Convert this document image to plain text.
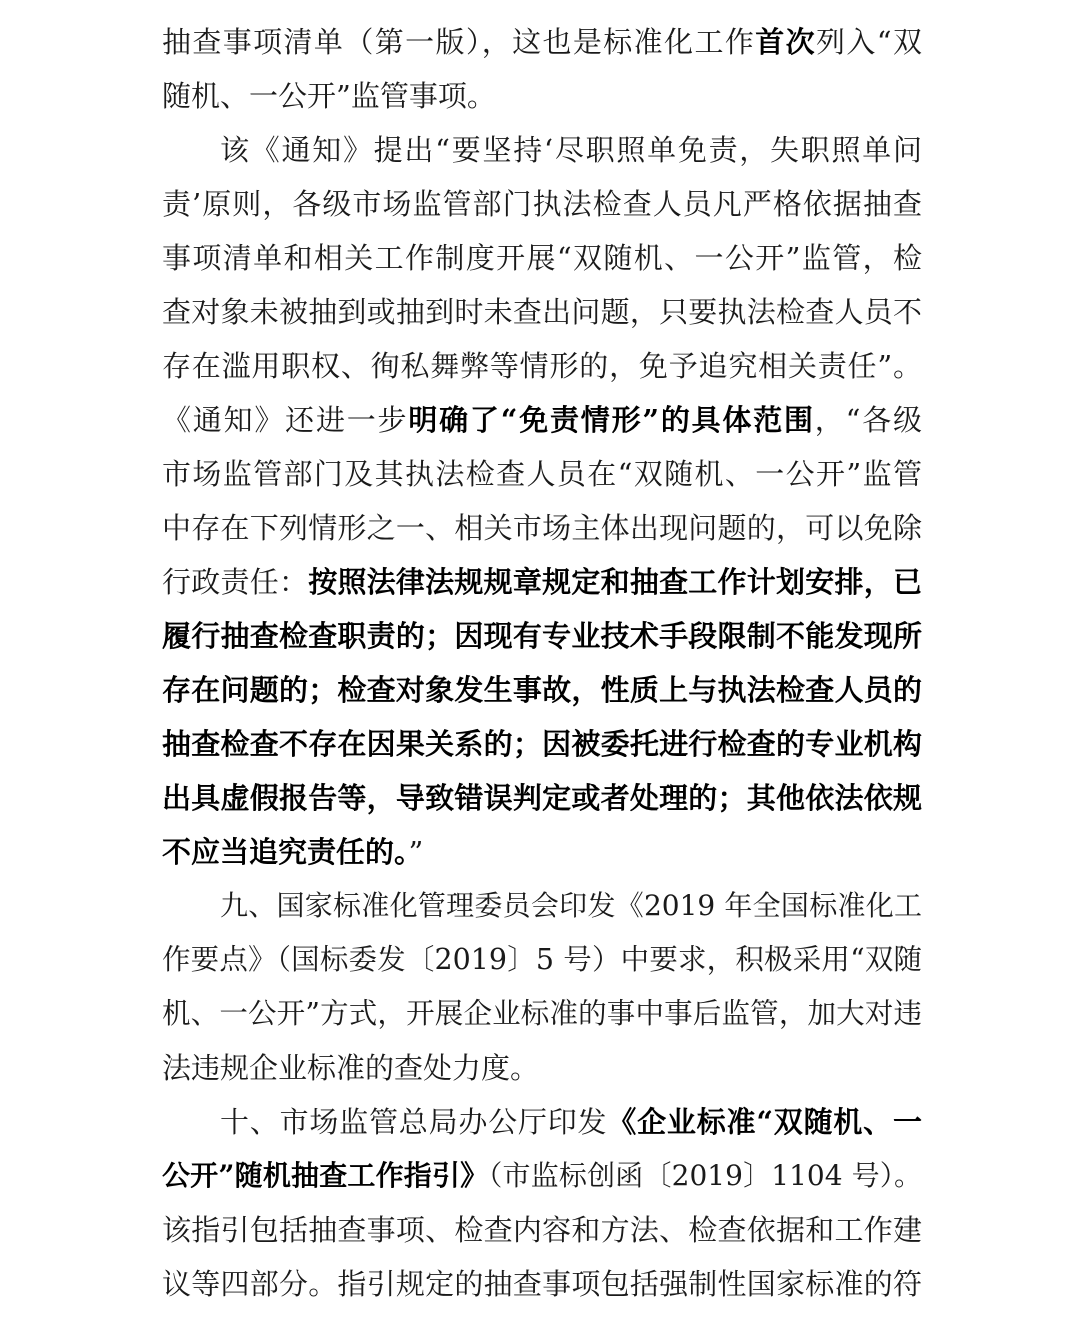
抽查事项清单（第一版），这也是标准化工作首次列入“双
随机、一公开”监管事项。
该《通知》提出“要坚持‘尽职照单免责，失职照单问
责’原则，各级市场监管部门执法检查人员凡严格依据抽查
事项清单和相关工作制度开展“双随机、一公开”监管，检
查对象未被抽到或抽到时未查出问题，只要执法检查人员不
存在滥用职权、徇私舞弊等情形的，免予追究相关责任”。
《通知》还进一步明确了“免责情形”的具体范围，“各级
市场监管部门及其执法检查人员在“双随机、一公开”监管
中存在下列情形之一、相关市场主体出现问题的，可以免除
行政责任：按照法律法规规章规定和抽查工作计划安排，已
履行抽查检查职责的；因现有专业技术手段限制不能发现所
存在问题的；检查对象发生事故，性质上与执法检查人员的
抽查检查不存在因果关系的；因被委托进行检查的专业机构
出具虚假报告等，导致错误判定或者处理的；其他依法依规
不应当追究责任的。”
九、国家标准化管理委员会印发《2019 年全国标准化工
作要点》（国标委发〔2019〕5 号）中要求，积极采用“双随
机、一公开”方式，开展企业标准的事中事后监管，加大对违
法违规企业标准的查处力度。
十、市场监管总局办公厅印发《企业标准“双随机、一
公开”随机抽查工作指引》（市监标创函〔2019〕1104 号）。
该指引包括抽查事项、检查内容和方法、检查依据和工作建
议等四部分。指引规定的抽查事项包括强制性国家标准的符
